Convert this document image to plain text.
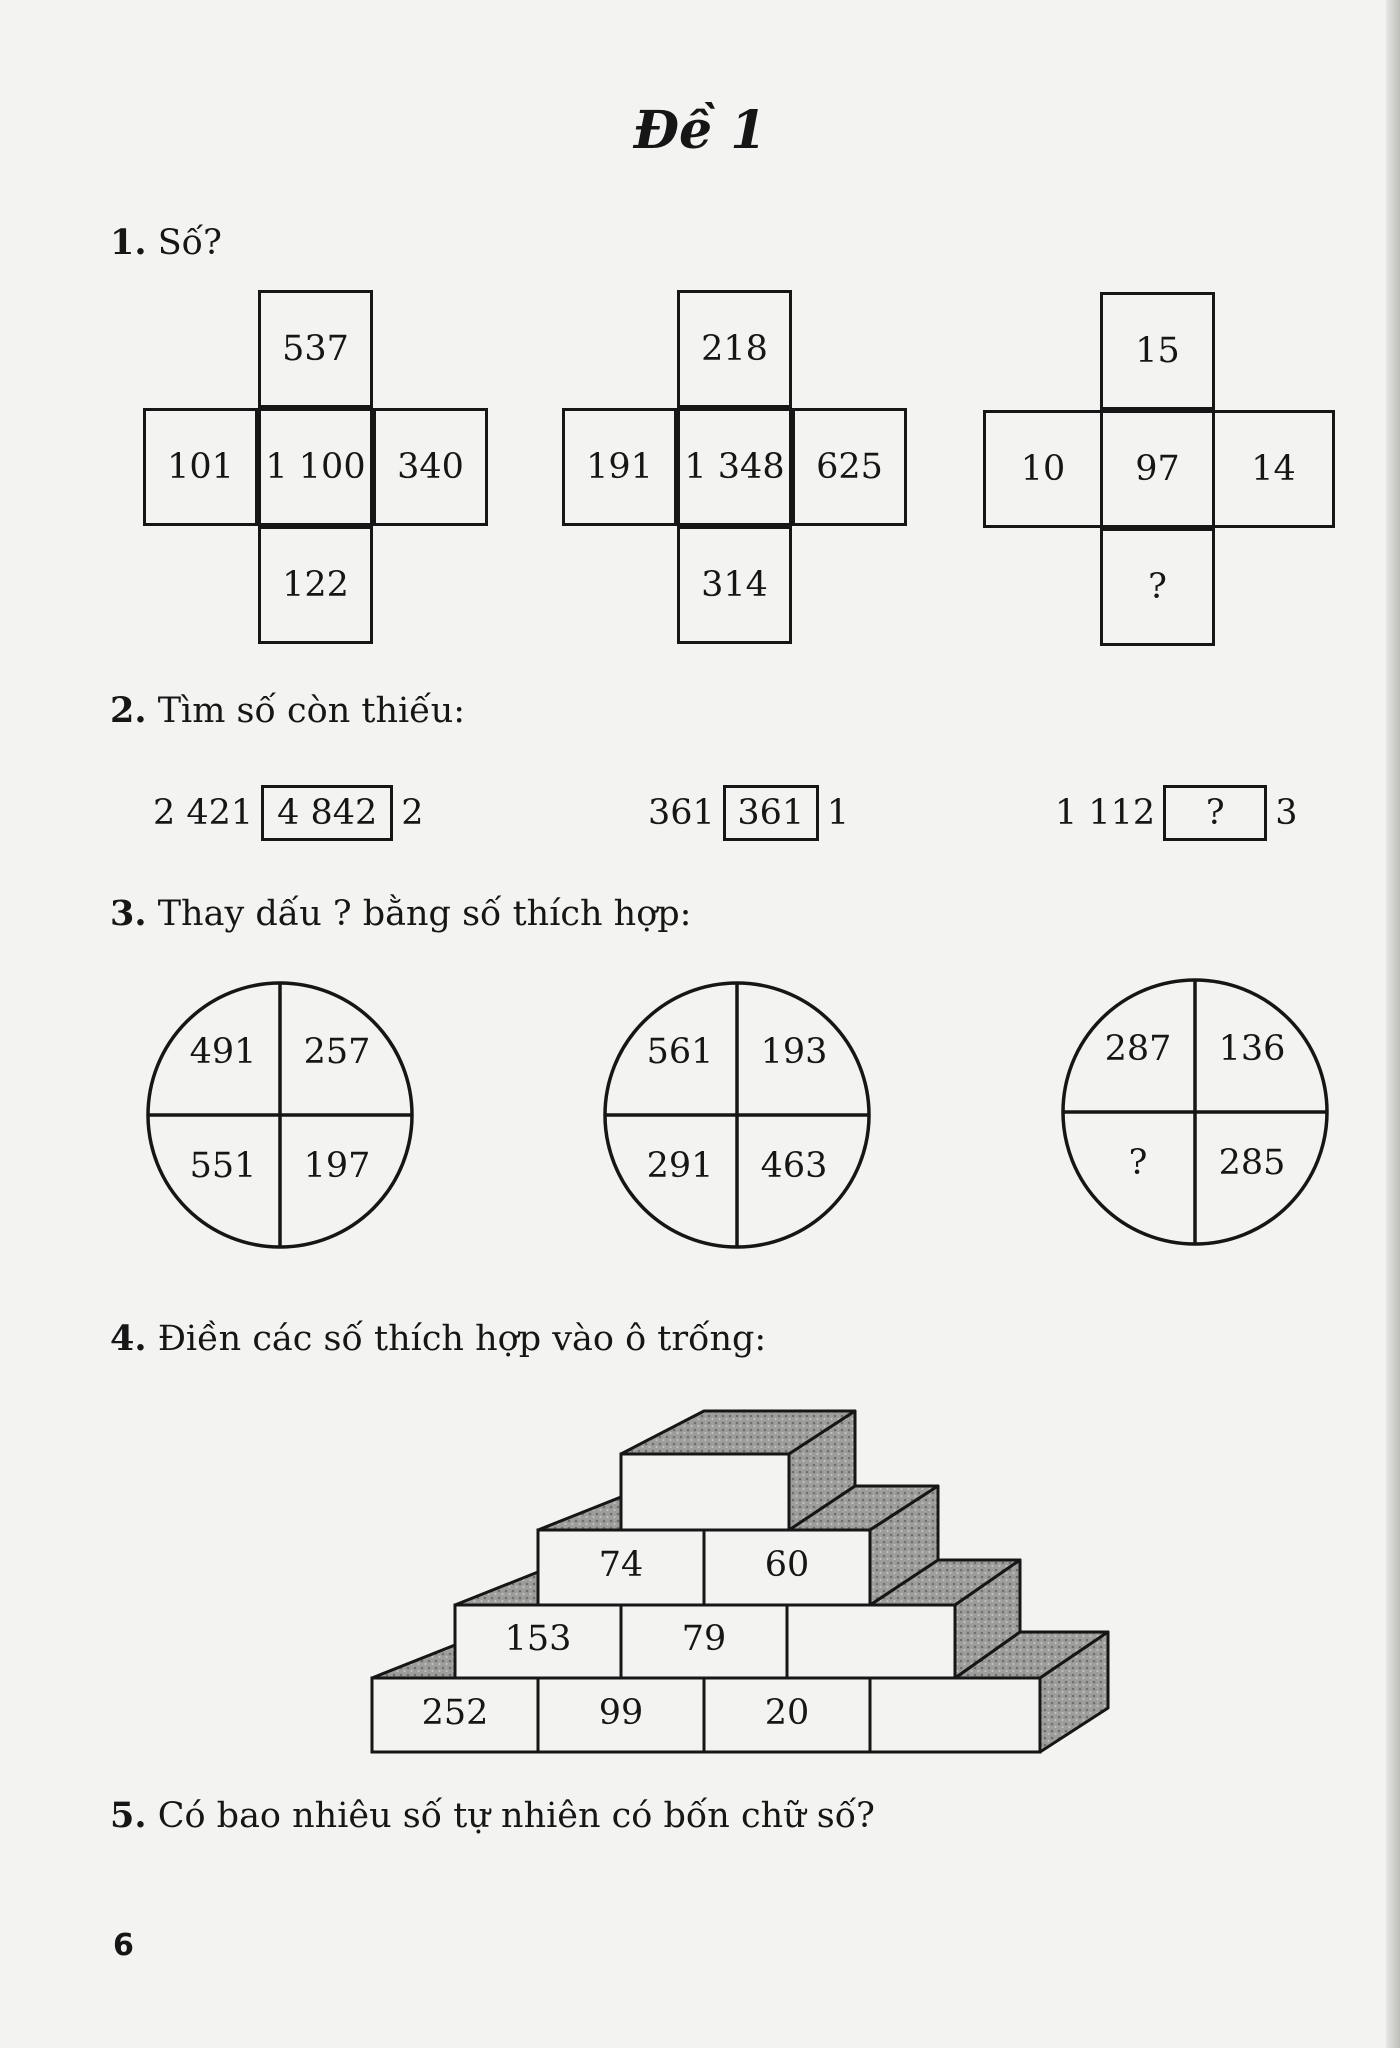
Đề 1

1. Số?

537
101 1 100 340
122
218
191 1 348 625
314
15
10	97	14
?

2. Tìm số còn thiếu:

2 421 4 842 2	361 361 1	1 112	?	3

3. Thay dấu ? bằng số thích hợp:

491	257
551	197
561	193
291	463
287	136
?	285

4. Điền các số thích hợp vào ô trống:

74	60
153	79
252	99	20

5. Có bao nhiêu số tự nhiên có bốn chữ số?

6
